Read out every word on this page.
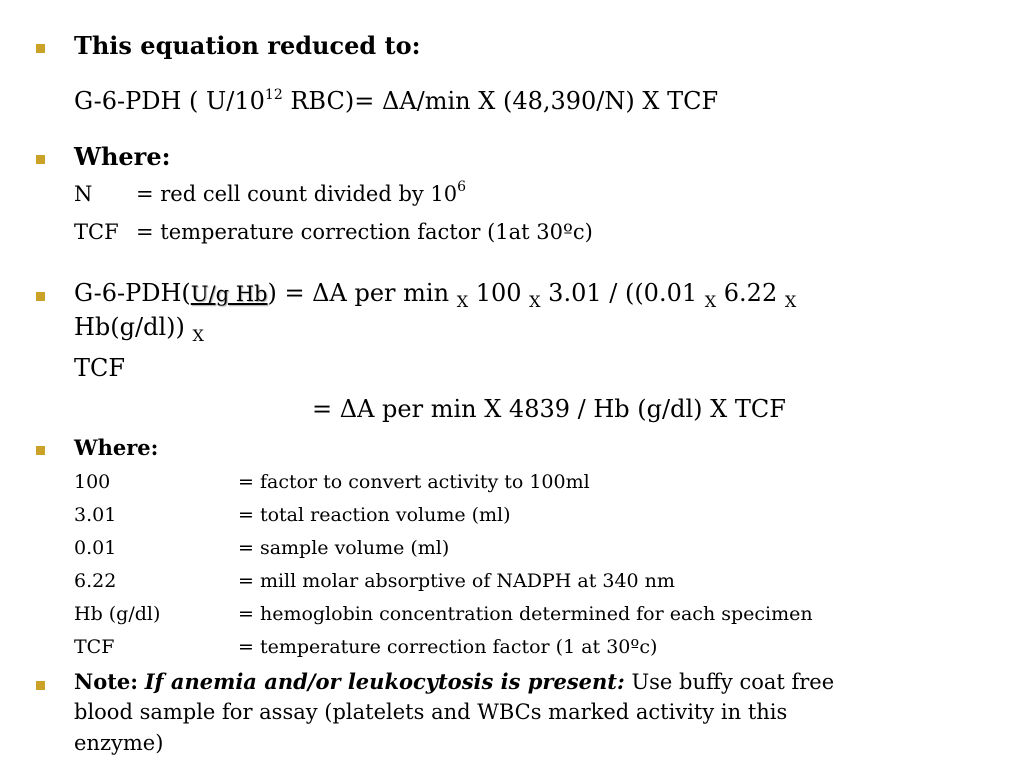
This equation reduced to:
G-6-PDH ( $U/10^{12}$ RBC)= ΔA/min X (48,390/N) X TCF
Where:
N = red cell count divided by $10^6$
TCF = temperature correction factor (1at 30ºc)
G-6-PDH(U/g Hb) = ΔA per min $_X$ 100 $_X$ 3.01 / ((0.01 $_X$ 6.22 $_X$
Hb(g/dl)) $_X$
TCF
= ΔA per min X 4839 / Hb (g/dl) X TCF
Where:
100	= factor to convert activity to 100ml
3.01	= total reaction volume (ml)
0.01	= sample volume (ml)
6.22	= mill molar absorptive of NADPH at 340 nm
Hb (g/dl)	= hemoglobin concentration determined for each specimen
TCF	= temperature correction factor (1 at 30ºc)
Note: If anemia and/or leukocytosis is present: Use buffy coat free
blood sample for assay (platelets and WBCs marked activity in this
enzyme)
